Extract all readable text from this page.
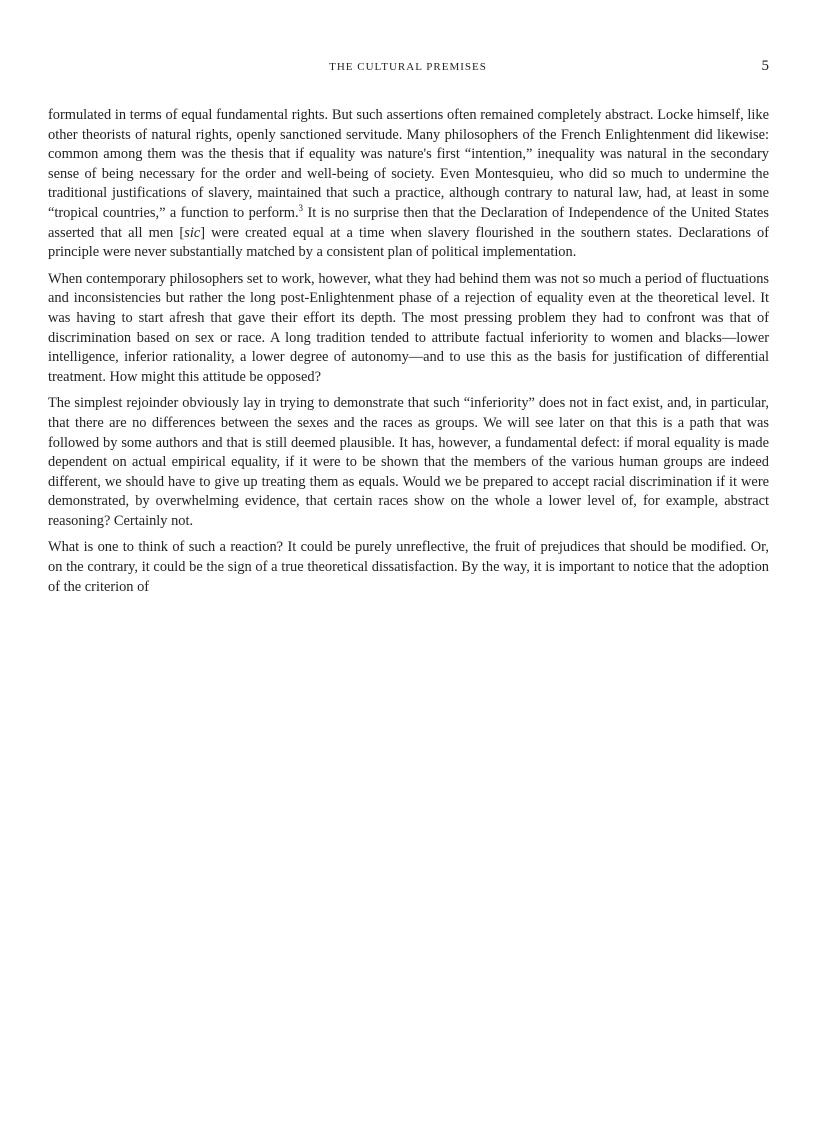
THE CULTURAL PREMISES	5

formulated in terms of equal fundamental rights. But such assertions often remained completely abstract. Locke himself, like other theorists of natural rights, openly sanctioned servitude. Many philosophers of the French Enlightenment did likewise: common among them was the thesis that if equality was nature's first “intention,” inequality was natural in the secondary sense of being necessary for the order and well-being of society. Even Montesquieu, who did so much to undermine the traditional justifications of slavery, maintained that such a practice, although contrary to natural law, had, at least in some “tropical countries,” a function to perform.$^3$ It is no surprise then that the Declaration of Independence of the United States asserted that all men [sic] were created equal at a time when slavery flourished in the southern states. Declarations of principle were never substantially matched by a consistent plan of political implementation.

When contemporary philosophers set to work, however, what they had behind them was not so much a period of fluctuations and inconsistencies but rather the long post-Enlightenment phase of a rejection of equality even at the theoretical level. It was having to start afresh that gave their effort its depth. The most pressing problem they had to confront was that of discrimination based on sex or race. A long tradition tended to attribute factual inferiority to women and blacks—lower intelligence, inferior rationality, a lower degree of autonomy—and to use this as the basis for justification of differential treatment. How might this attitude be opposed?

The simplest rejoinder obviously lay in trying to demonstrate that such “inferiority” does not in fact exist, and, in particular, that there are no differences between the sexes and the races as groups. We will see later on that this is a path that was followed by some authors and that is still deemed plausible. It has, however, a fundamental defect: if moral equality is made dependent on actual empirical equality, if it were to be shown that the members of the various human groups are indeed different, we should have to give up treating them as equals. Would we be prepared to accept racial discrimination if it were demonstrated, by overwhelming evidence, that certain races show on the whole a lower level of, for example, abstract reasoning? Certainly not.

What is one to think of such a reaction? It could be purely unreflective, the fruit of prejudices that should be modified. Or, on the contrary, it could be the sign of a true theoretical dissatisfaction. By the way, it is important to notice that the adoption of the criterion of
